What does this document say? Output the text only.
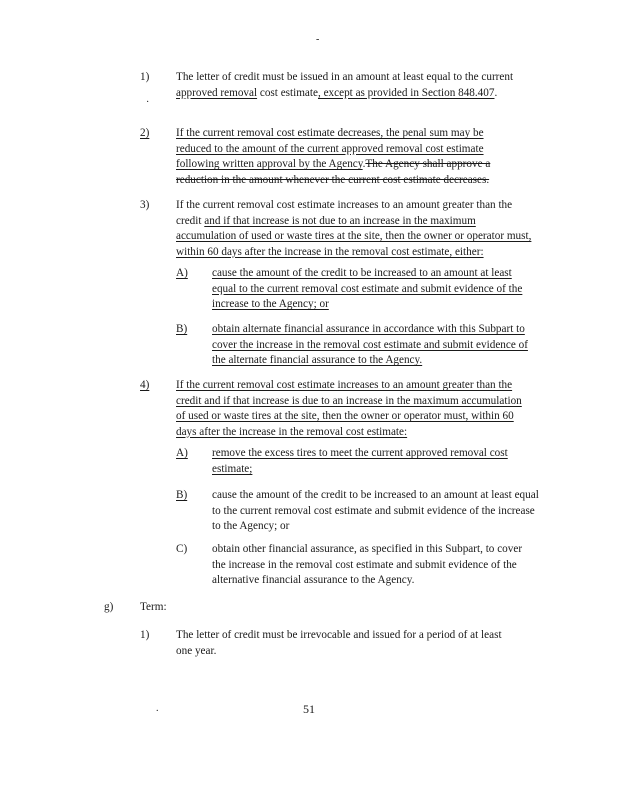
-
1) The letter of credit must be issued in an amount at least equal to the current approved removal cost estimate, except as provided in Section 848.407.
·
2) If the current removal cost estimate decreases, the penal sum may be reduced to the amount of the current approved removal cost estimate following written approval by the Agency.The Agency shall approve a reduction in the amount whenever the current cost estimate decreases.
3) If the current removal cost estimate increases to an amount greater than the credit and if that increase is not due to an increase in the maximum accumulation of used or waste tires at the site, then the owner or operator must, within 60 days after the increase in the removal cost estimate, either:
A) cause the amount of the credit to be increased to an amount at least equal to the current removal cost estimate and submit evidence of the increase to the Agency; or
B) obtain alternate financial assurance in accordance with this Subpart to cover the increase in the removal cost estimate and submit evidence of the alternate financial assurance to the Agency.
4) If the current removal cost estimate increases to an amount greater than the credit and if that increase is due to an increase in the maximum accumulation of used or waste tires at the site, then the owner or operator must, within 60 days after the increase in the removal cost estimate:
A) remove the excess tires to meet the current approved removal cost estimate;
B) cause the amount of the credit to be increased to an amount at least equal to the current removal cost estimate and submit evidence of the increase to the Agency; or
C) obtain other financial assurance, as specified in this Subpart, to cover the increase in the removal cost estimate and submit evidence of the alternative financial assurance to the Agency.
g) Term:
1) The letter of credit must be irrevocable and issued for a period of at least one year.
.	51
